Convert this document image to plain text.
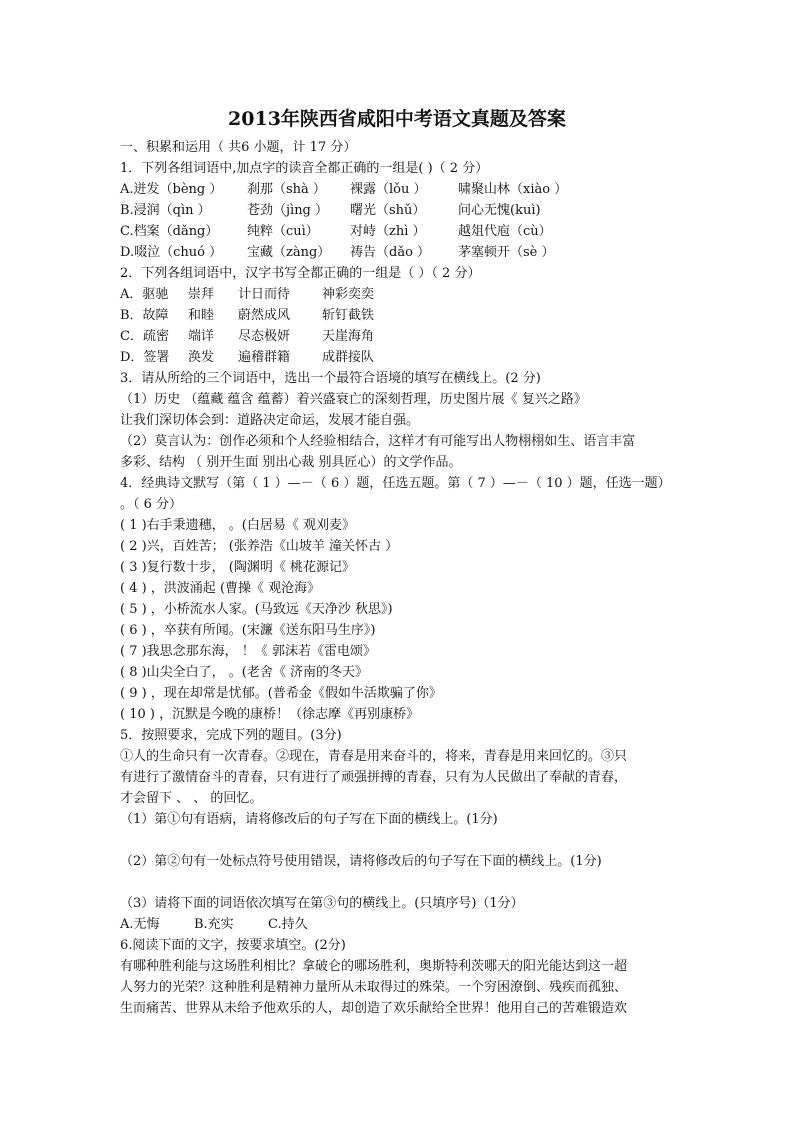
2013年陕西省咸阳中考语文真题及答案
一、积累和运用（ 共6 小题，计 17 分）
1．下列各组词语中,加点字的读音全都正确的一组是( )（ 2 分）
A.迸发（bèng ） 刹那（shà ） 裸露（lǒu ） 啸聚山林（xiào ）
B.浸润（qìn ）	苍劲（jìng ） 曙光（shǔ）	问心无愧(kuì)
C.档案（dǎng） 纯粹（cuì） 对峙（zhì ） 越俎代庖（cù）
D.啜泣（chuó ） 宝藏（zàng） 祷告（dǎo ） 茅塞顿开（sè ）
2．下列各组词语中，汉字书写全都正确的一组是（ ）（ 2 分）
A．驱驰 崇拜 计日而待 神彩奕奕
B．故障 和睦 蔚然成风 斩钉截铁
C．疏密 端详 尽态极妍 天崖海角
D．签署 涣发 遍稽群籍 成群接队
3．请从所给的三个词语中，选出一个最符合语境的填写在横线上。(2 分)
（1）历史 （蕴藏 蕴含 蕴蓄）着兴盛衰亡的深刻哲理，历史图片展《 复兴之路》
让我们深切体会到：道路决定命运，发展才能自强。
（2）莫言认为：创作必须和个人经验相结合，这样才有可能写出人物栩栩如生、语言丰富
多彩、结构 （ 别开生面 别出心裁 别具匠心）的文学作品。
4．经典诗文默写（第（ 1 ）—－（ 6 ）题，任选五题。第（ 7 ）—－（ 10 ）题，任选一题）
。（ 6 分）
( 1 )右手秉遗穗， 。(白居易《 观刈麦》
( 2 )兴，百姓苦； (张养浩《山坡羊 潼关怀古 ）
( 3 )复行数十步， (陶渊明《 桃花源记》
( 4 ) ，洪波涌起 (曹操《 观沧海》
( 5 ) ，小桥流水人家。(马致远《天净沙 秋思》)
( 6 ) ，卒获有所闻。(宋濂《送东阳马生序》)
( 7 )我思念那东海， ！《 郭沫若《雷电颂》
( 8 )山尖全白了， 。(老舍《 济南的冬天》
( 9 ) ，现在却常是忧郁。(普希金《假如牛活欺骗了你》
( 10 ) ，沉默是今晚的康桥！（徐志摩《再别康桥》
5．按照要求，完成下列的题目。(3分)
①人的生命只有一次青春。②现在，青春是用来奋斗的，将来，青春是用来回忆的。③只
有进行了激情奋斗的青春，只有进行了顽强拼搏的青春，只有为人民做出了奉献的青春，
才会留下 、 、 的回忆。
（1）第①句有语病，请将修改后的句子写在下面的横线上。(1分)
（2）第②句有一处标点符号使用错误，请将修改后的句子写在下面的横线上。(1分)
（3）请将下面的词语依次填写在第③句的横线上。(只填序号)（1分）
A.无悔	B.充实	C.持久
6.阅读下面的文字，按要求填空。(2分)
有哪种胜利能与这场胜利相比？拿破仑的哪场胜利，奥斯特利茨哪天的阳光能达到这一超
人努力的光荣？这种胜利是精神力量所从未取得过的殊荣。一个穷困潦倒、残疾而孤独、
生而痛苦、世界从未给予他欢乐的人，却创造了欢乐献给全世界！他用自己的苦难锻造欢
